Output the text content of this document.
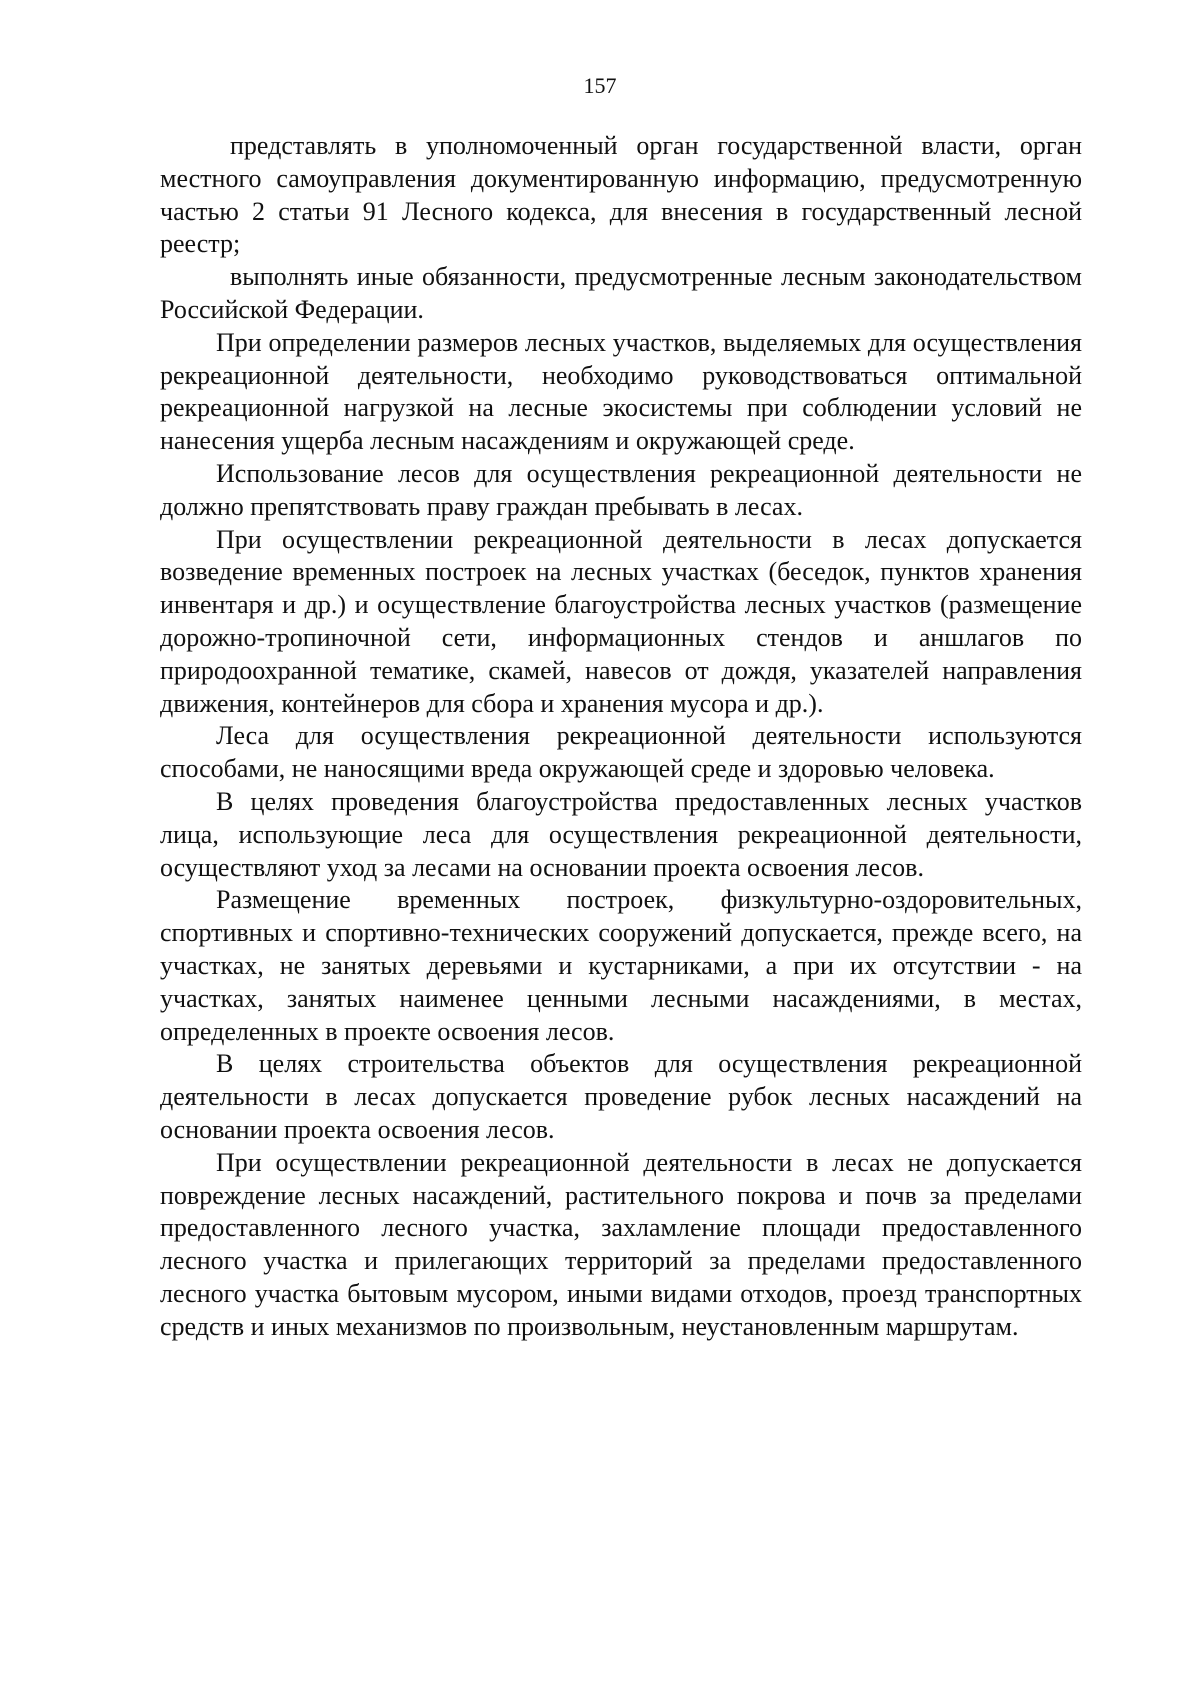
157

представлять в уполномоченный орган государственной власти, орган местного самоуправления документированную информацию, предусмотренную частью 2 статьи 91 Лесного кодекса, для внесения в государственный лесной реестр;

выполнять иные обязанности, предусмотренные лесным законодательством Российской Федерации.

При определении размеров лесных участков, выделяемых для осуществления рекреационной деятельности, необходимо руководствоваться оптимальной рекреационной нагрузкой на лесные экосистемы при соблюдении условий не нанесения ущерба лесным насаждениям и окружающей среде.

Использование лесов для осуществления рекреационной деятельности не должно препятствовать праву граждан пребывать в лесах.

При осуществлении рекреационной деятельности в лесах допускается возведение временных построек на лесных участках (беседок, пунктов хранения инвентаря и др.) и осуществление благоустройства лесных участков (размещение дорожно-тропиночной сети, информационных стендов и аншлагов по природоохранной тематике, скамей, навесов от дождя, указателей направления движения, контейнеров для сбора и хранения мусора и др.).

Леса для осуществления рекреационной деятельности используются способами, не наносящими вреда окружающей среде и здоровью человека.

В целях проведения благоустройства предоставленных лесных участков лица, использующие леса для осуществления рекреационной деятельности, осуществляют уход за лесами на основании проекта освоения лесов.

Размещение временных построек, физкультурно-оздоровительных, спортивных и спортивно-технических сооружений допускается, прежде всего, на участках, не занятых деревьями и кустарниками, а при их отсутствии - на участках, занятых наименее ценными лесными насаждениями, в местах, определенных в проекте освоения лесов.

В целях строительства объектов для осуществления рекреационной деятельности в лесах допускается проведение рубок лесных насаждений на основании проекта освоения лесов.

При осуществлении рекреационной деятельности в лесах не допускается повреждение лесных насаждений, растительного покрова и почв за пределами предоставленного лесного участка, захламление площади предоставленного лесного участка и прилегающих территорий за пределами предоставленного лесного участка бытовым мусором, иными видами отходов, проезд транспортных средств и иных механизмов по произвольным, неустановленным маршрутам.
